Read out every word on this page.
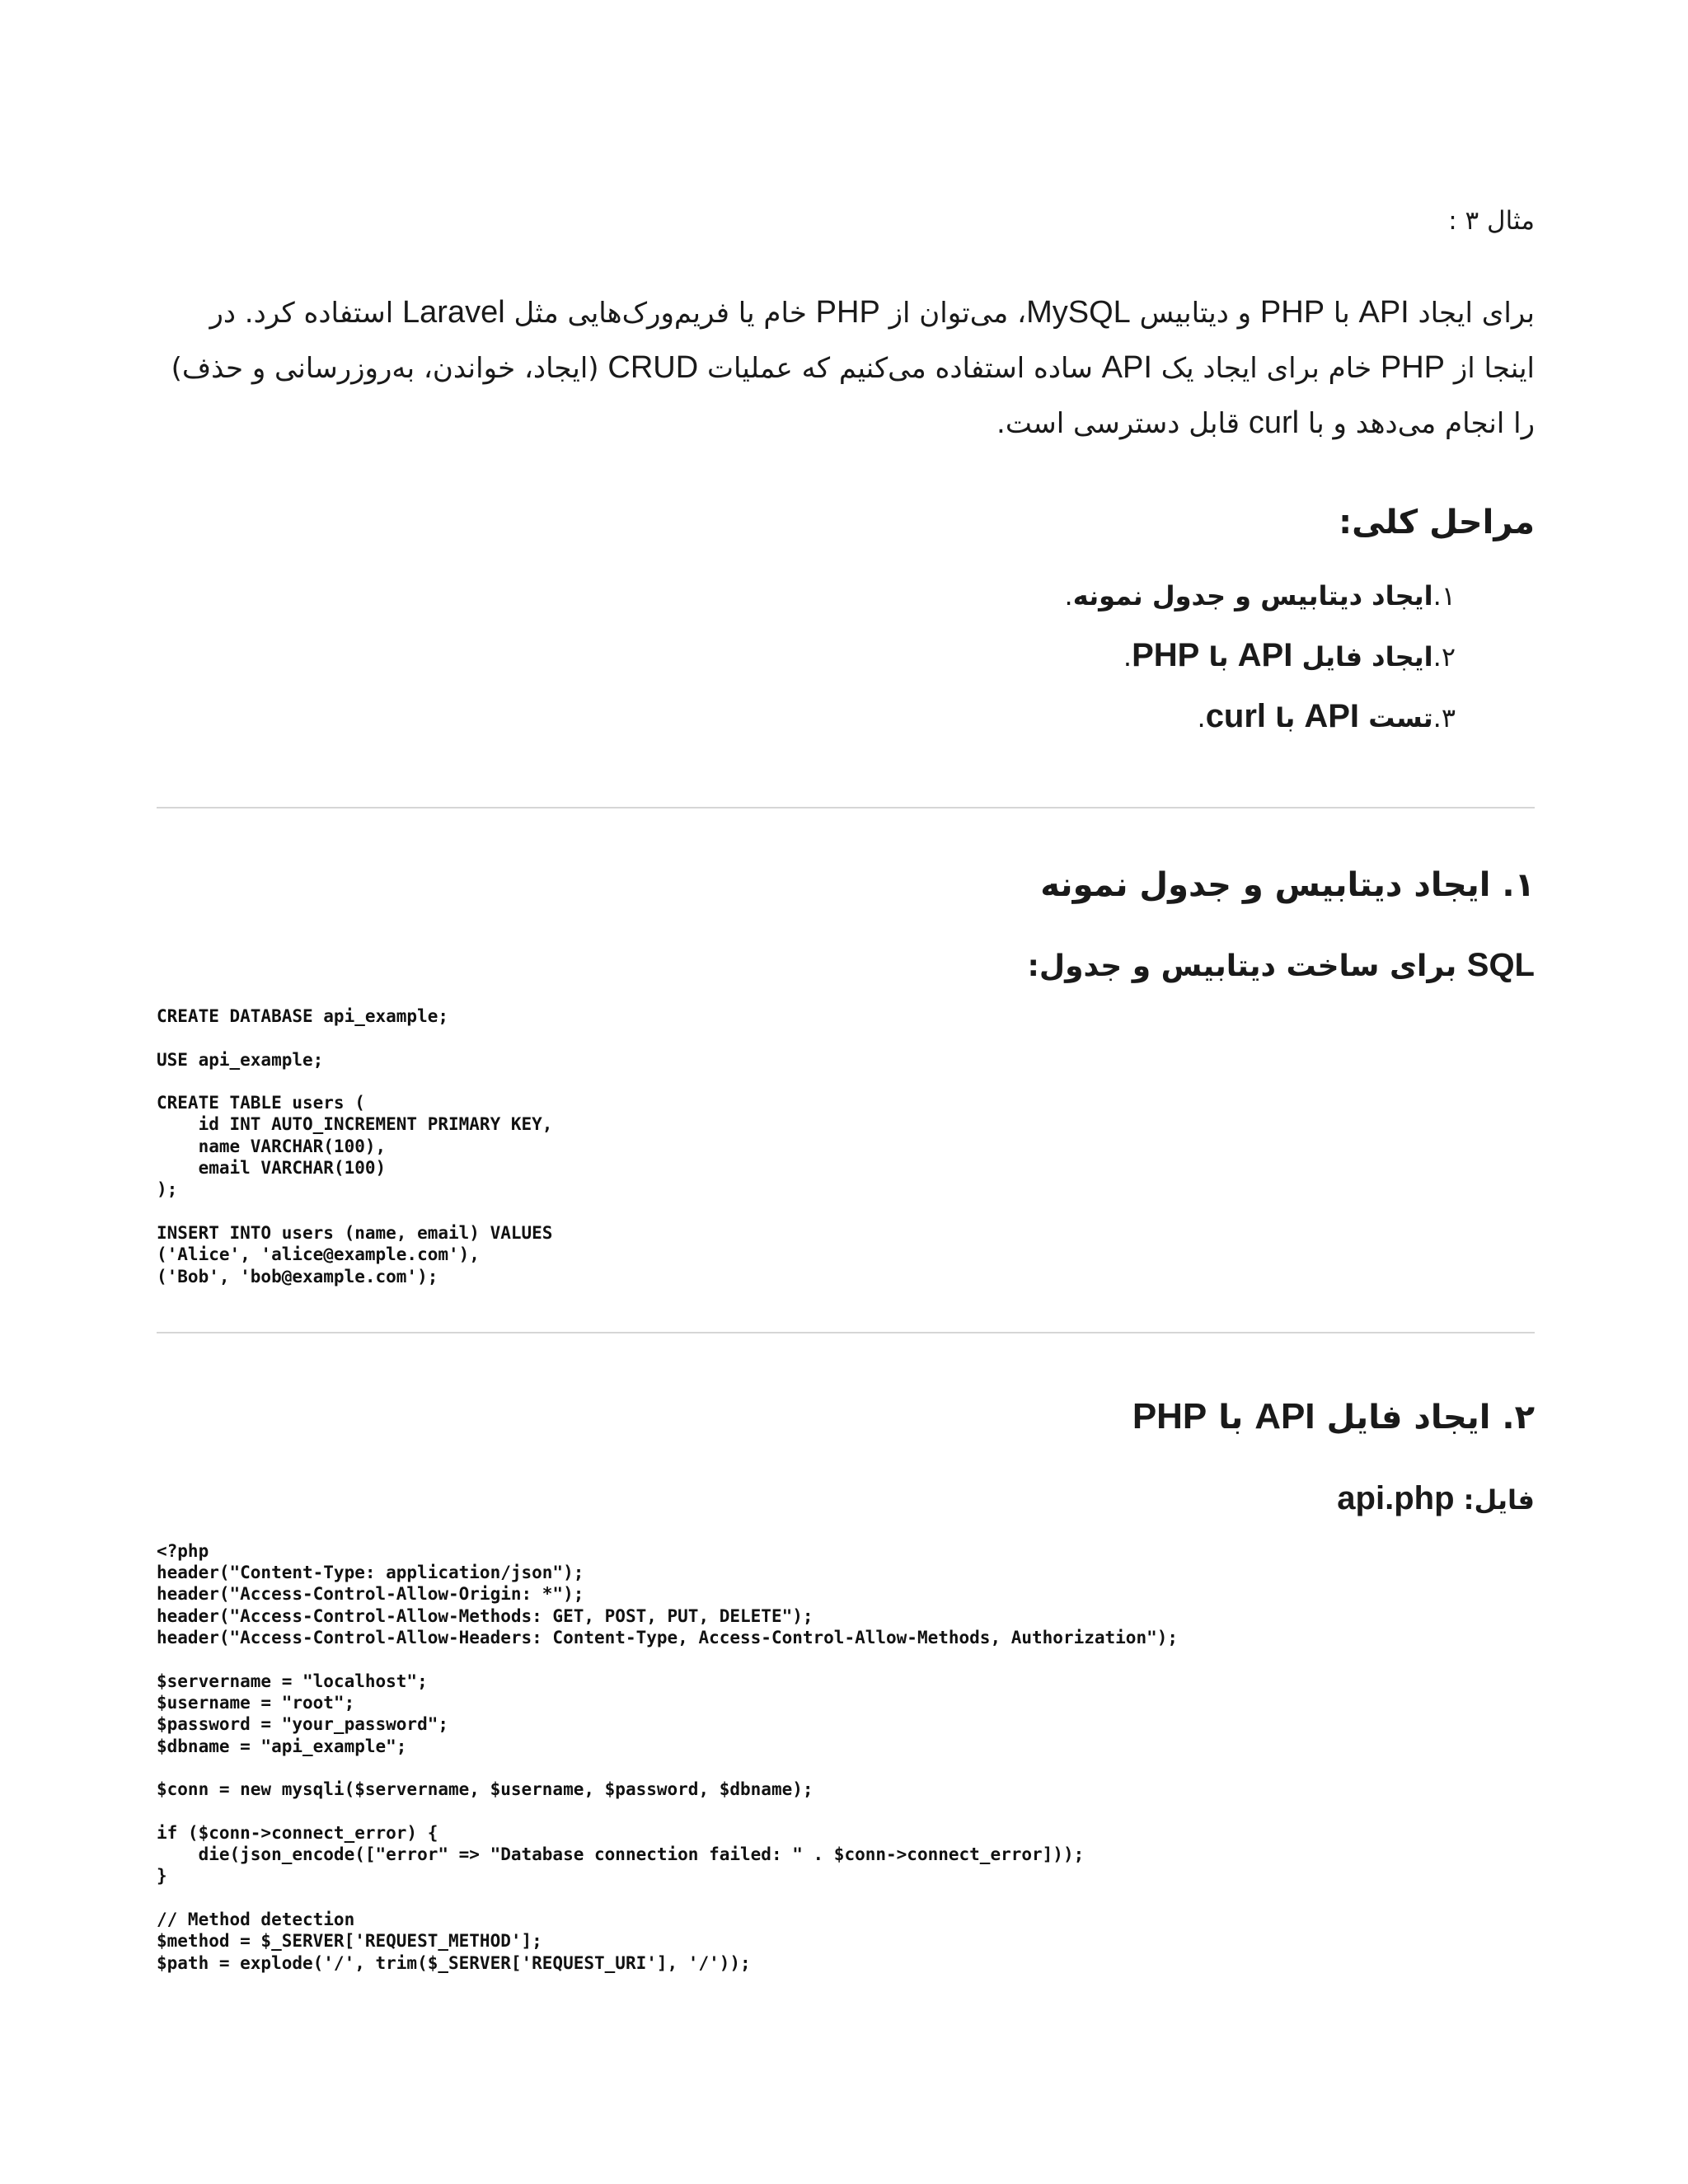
مثال ۳ :

برای ایجاد API با PHP و دیتابیس MySQL، می‌توان از PHP خام یا فریم‌ورک‌هایی مثل Laravel استفاده کرد. در اینجا از PHP خام برای ایجاد یک API ساده استفاده می‌کنیم که عملیات CRUD (ایجاد، خواندن، به‌روزرسانی و حذف) را انجام می‌دهد و با curl قابل دسترسی است.

مراحل کلی:
۱.ایجاد دیتابیس و جدول نمونه.
۲.ایجاد فایل API با PHP.
۳.تست API با curl.
۱. ایجاد دیتابیس و جدول نمونه
SQL برای ساخت دیتابیس و جدول:
CREATE DATABASE api_example;

USE api_example;

CREATE TABLE users (
id INT AUTO_INCREMENT PRIMARY KEY,
name VARCHAR(100),
email VARCHAR(100)
);

INSERT INTO users (name, email) VALUES
('Alice', 'alice@example.com'),
('Bob', 'bob@example.com');
۲. ایجاد فایل API با PHP
فایل: api.php
<?php
header("Content-Type: application/json");
header("Access-Control-Allow-Origin: *");
header("Access-Control-Allow-Methods: GET, POST, PUT, DELETE");
header("Access-Control-Allow-Headers: Content-Type, Access-Control-Allow-Methods, Authorization");

$servername = "localhost";
$username = "root";
$password = "your_password";
$dbname = "api_example";

$conn = new mysqli($servername, $username, $password, $dbname);

if ($conn->connect_error) {
die(json_encode(["error" => "Database connection failed: " . $conn->connect_error]));
}

// Method detection
$method = $_SERVER['REQUEST_METHOD'];
$path = explode('/', trim($_SERVER['REQUEST_URI'], '/'));
